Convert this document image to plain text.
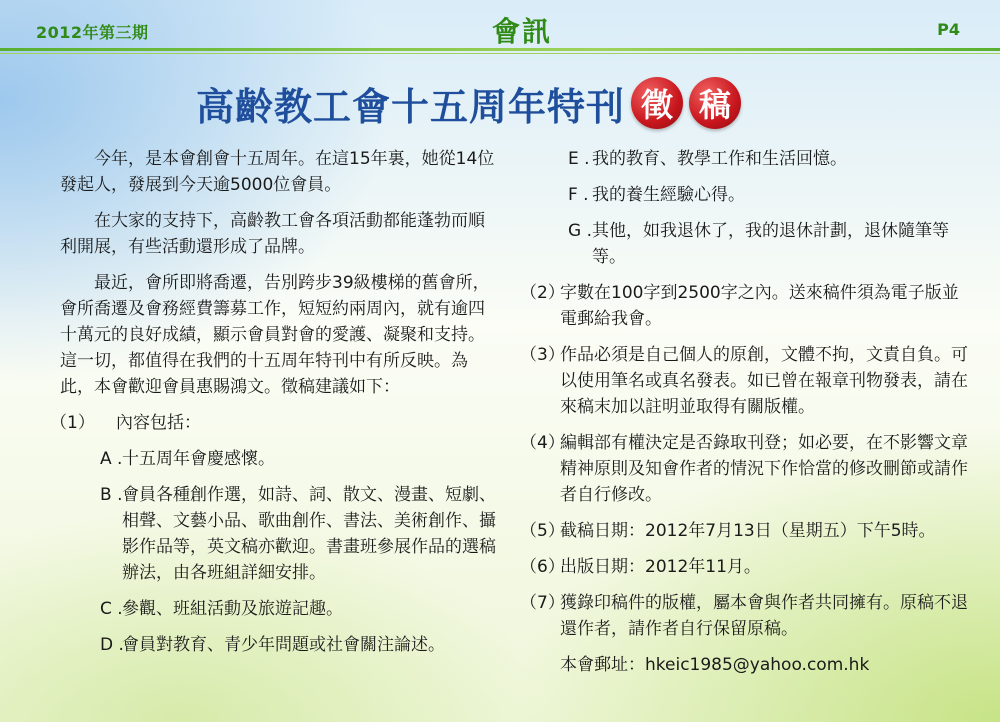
2012年第三期	會訊	P4
高齡教工會十五周年特刊 徵 稿

今年，是本會創會十五周年。在這15年裏，她從14位發起人，發展到今天逾5000位會員。

在大家的支持下，高齡教工會各項活動都能蓬勃而順利開展，有些活動還形成了品牌。

最近，會所即將喬遷，告別跨步39級樓梯的舊會所，會所喬遷及會務經費籌募工作，短短約兩周內，就有逾四十萬元的良好成績，顯示會員對會的愛護、凝聚和支持。這一切，都值得在我們的十五周年特刊中有所反映。為此，本會歡迎會員惠賜鴻文。徵稿建議如下：

（1） 內容包括：
A . 十五周年會慶感懷。
B . 會員各種創作選，如詩、詞、散文、漫畫、短劇、相聲、文藝小品、歌曲創作、書法、美術創作、攝影作品等，英文稿亦歡迎。書畫班參展作品的選稿辦法，由各班組詳細安排。
C . 參觀、班組活動及旅遊記趣。
D .
會員對教育、青少年問題或社會關注論述。
E . 我的教育、教學工作和生活回憶。
F . 我的養生經驗心得。
G . 其他，如我退休了，我的退休計劃，退休隨筆等等。
（2）
字數在100字到2500字之內。送來稿件須為電子版並電郵給我會。
（3）
作品必須是自己個人的原創，文體不拘，文責自負。可以使用筆名或真名發表。如已曾在報章刊物發表，請在來稿末加以註明並取得有關版權。
（4）
編輯部有權決定是否錄取刊登；如必要，在不影響文章精神原則及知會作者的情況下作恰當的修改刪節或請作者自行修改。
（5）
截稿日期：2012年7月13日（星期五）下午5時。
（6）
出版日期：2012年11月。
（7）
獲錄印稿件的版權，屬本會與作者共同擁有。原稿不退還作者，請作者自行保留原稿。
本會郵址：hkeic1985@yahoo.com.hk
